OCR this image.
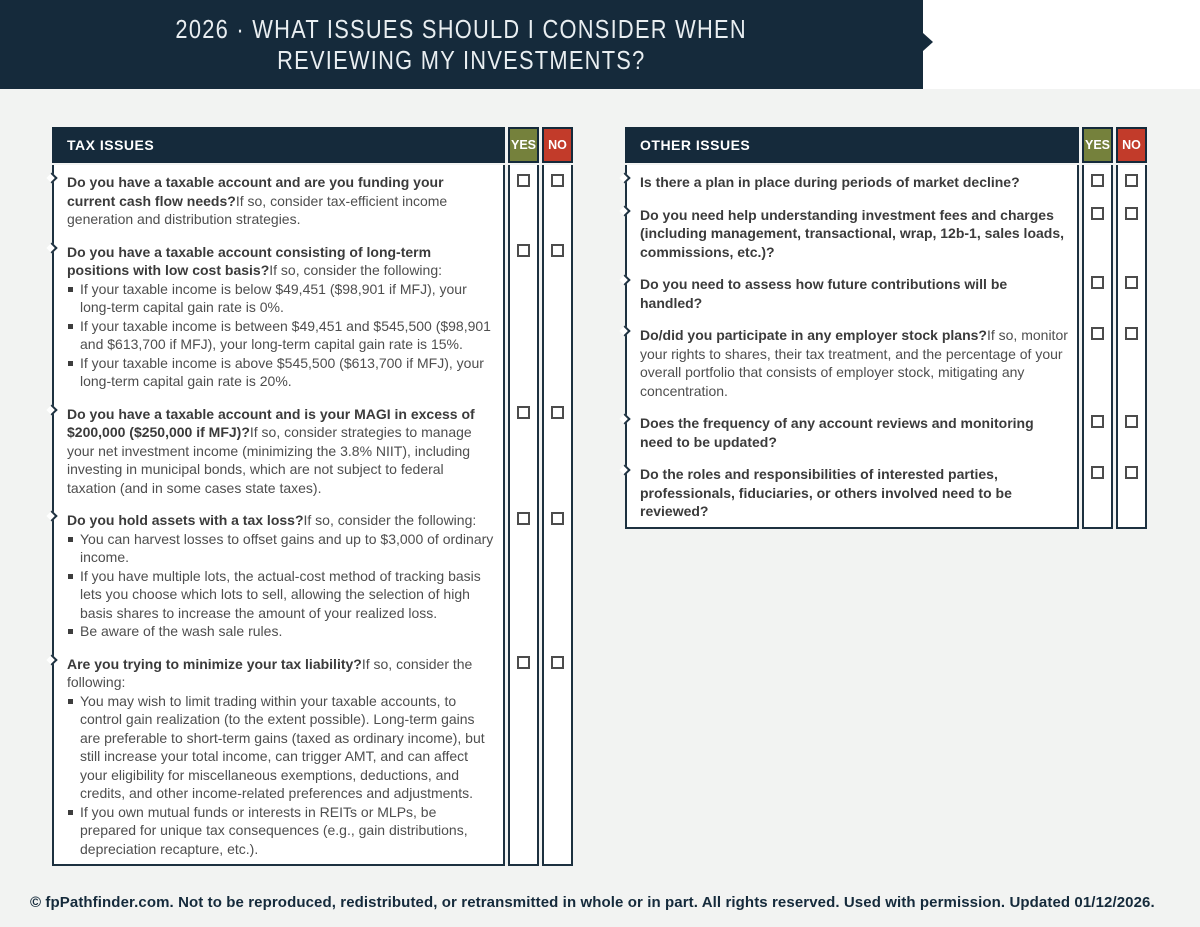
2026 · WHAT ISSUES SHOULD I CONSIDER WHEN
REVIEWING MY INVESTMENTS?
TAX ISSUES	YES NO
Do you have a taxable account and are you funding your current cash flow needs?If so, consider tax-efficient income generation and distribution strategies.
Do you have a taxable account consisting of long-term positions with low cost basis?If so, consider the following:
If your taxable income is below $49,451 ($98,901 if MFJ), your long-term capital gain rate is 0%.
If your taxable income is between $49,451 and $545,500 ($98,901 and $613,700 if MFJ), your long-term capital gain rate is 15%.
If your taxable income is above $545,500 ($613,700 if MFJ), your long-term capital gain rate is 20%.
Do you have a taxable account and is your MAGI in excess of $200,000 ($250,000 if MFJ)?If so, consider strategies to manage your net investment income (minimizing the 3.8% NIIT), including investing in municipal bonds, which are not subject to federal taxation (and in some cases state taxes).
Do you hold assets with a tax loss?If so, consider the following:
You can harvest losses to offset gains and up to $3,000 of ordinary income.
If you have multiple lots, the actual-cost method of tracking basis lets you choose which lots to sell, allowing the selection of high basis shares to increase the amount of your realized loss.
Be aware of the wash sale rules.
Are you trying to minimize your tax liability?If so, consider the following:
You may wish to limit trading within your taxable accounts, to control gain realization (to the extent possible). Long-term gains are preferable to short-term gains (taxed as ordinary income), but still increase your total income, can trigger AMT, and can affect your eligibility for miscellaneous exemptions, deductions, and credits, and other income-related preferences and adjustments.
If you own mutual funds or interests in REITs or MLPs, be prepared for unique tax consequences (e.g., gain distributions, depreciation recapture, etc.).
OTHER ISSUES	YES NO
Is there a plan in place during periods of market decline?
Do you need help understanding investment fees and charges (including management, transactional, wrap, 12b-1, sales loads, commissions, etc.)?
Do you need to assess how future contributions will be handled?
Do/did you participate in any employer stock plans?If so, monitor your rights to shares, their tax treatment, and the percentage of your overall portfolio that consists of employer stock, mitigating any concentration.
Does the frequency of any account reviews and monitoring need to be updated?
Do the roles and responsibilities of interested parties, professionals, fiduciaries, or others involved need to be reviewed?
© fpPathfinder.com. Not to be reproduced, redistributed, or retransmitted in whole or in part. All rights reserved. Used with permission. Updated 01/12/2026.
